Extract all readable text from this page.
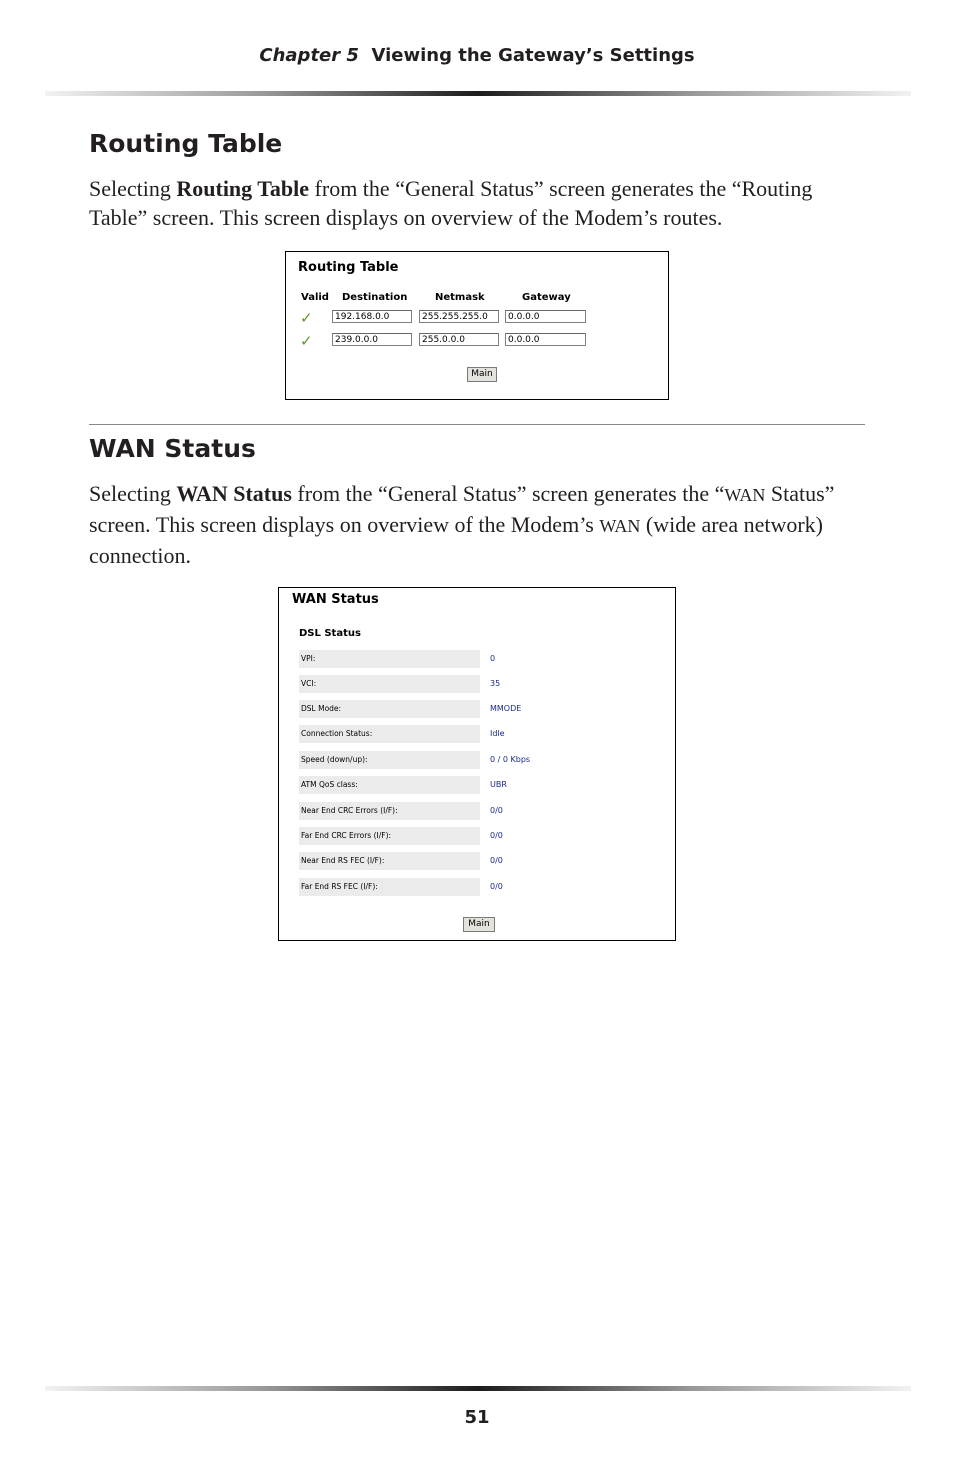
Chapter 5 Viewing the Gateway’s Settings
Routing Table

Selecting Routing Table from the “General Status” screen generates the “Routing Table” screen. This screen displays on overview of the Modem’s routes.

Routing Table
Valid Destination	Netmask	Gateway
✓	192.168.0.0	255.255.255.0	0.0.0.0
✓	239.0.0.0	255.0.0.0	0.0.0.0
Main
WAN Status

Selecting WAN Status from the “General Status” screen generates the “WAN Status” screen. This screen displays on overview of the Modem’s WAN (wide area network) connection.

WAN Status
DSL Status
VPI:	0
VCI:	35
DSL Mode:	MMODE
Connection Status:	Idle
Speed (down/up):	0 / 0 Kbps
ATM QoS class:	UBR
Near End CRC Errors (I/F):	0/0
Far End CRC Errors (I/F):	0/0
Near End RS FEC (I/F):	0/0
Far End RS FEC (I/F):	0/0
Main
51
